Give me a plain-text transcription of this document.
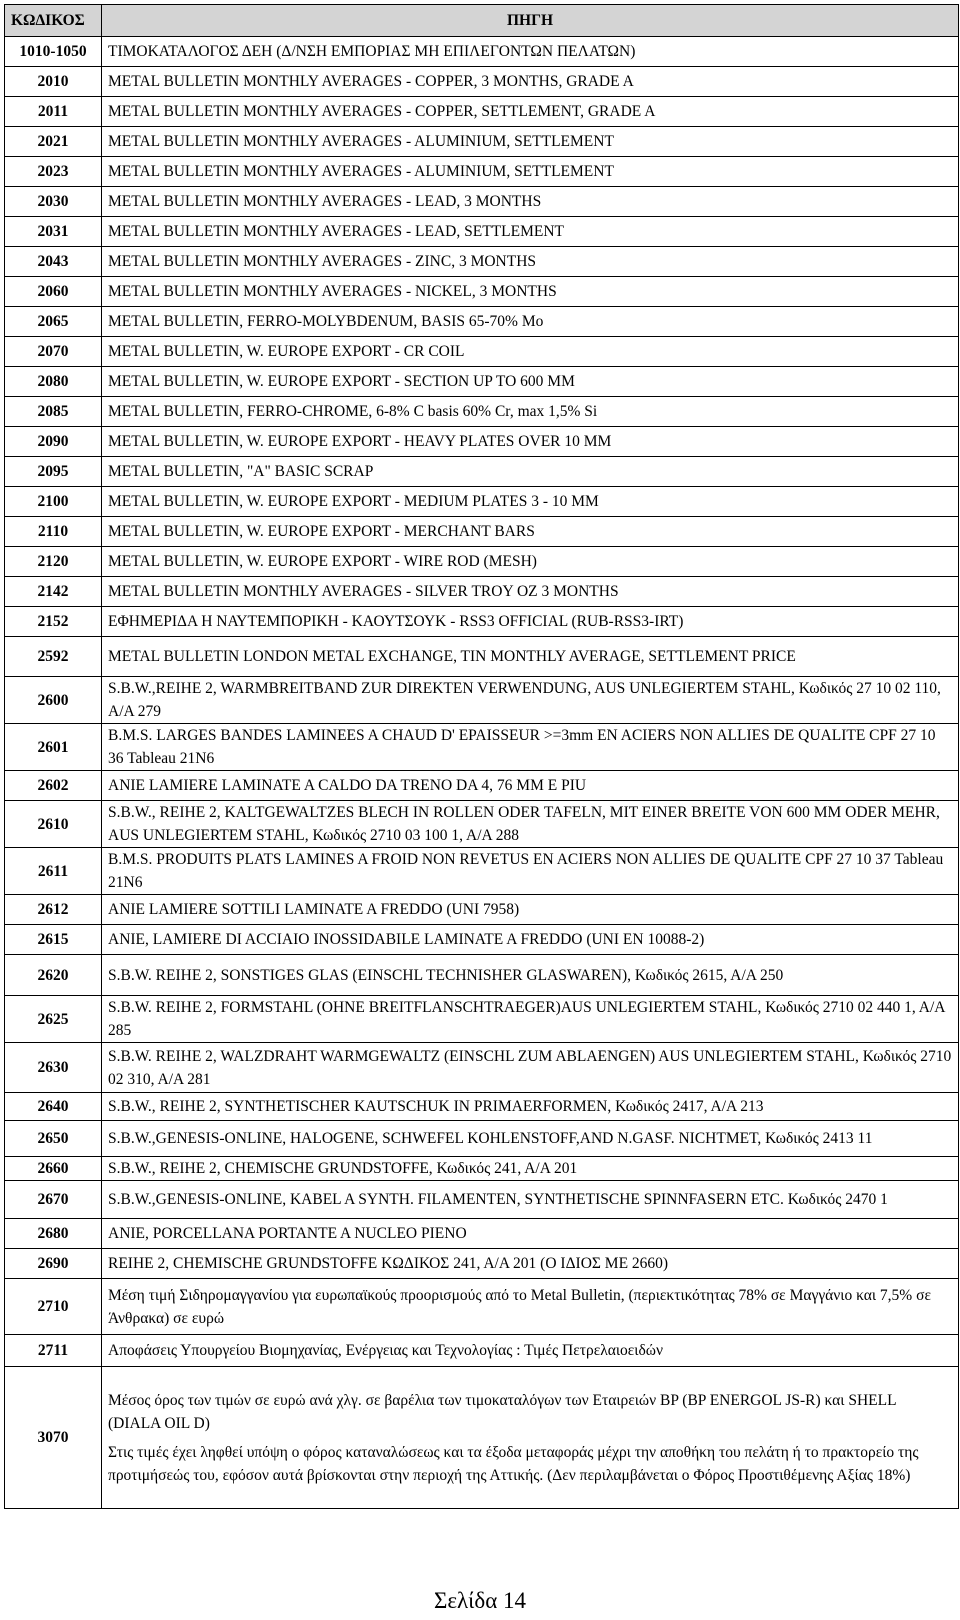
ΚΩΔΙΚΟΣ	ΠΗΓΗ
1010-1050	ΤΙΜΟΚΑΤΑΛΟΓΟΣ ΔΕΗ (Δ/ΝΣΗ ΕΜΠΟΡΙΑΣ ΜΗ ΕΠΙΛΕΓΟΝΤΩΝ ΠΕΛΑΤΩΝ)

2010	METAL BULLETIN MONTHLY AVERAGES - COPPER, 3 MONTHS, GRADE A

2011	METAL BULLETIN MONTHLY AVERAGES - COPPER, SETTLEMENT, GRADE A

2021	METAL BULLETIN MONTHLY AVERAGES - ALUMINIUM, SETTLEMENT

2023	METAL BULLETIN MONTHLY AVERAGES - ALUMINIUM, SETTLEMENT

2030	METAL BULLETIN MONTHLY AVERAGES - LEAD, 3 MONTHS

2031	METAL BULLETIN MONTHLY AVERAGES - LEAD, SETTLEMENT

2043	METAL BULLETIN MONTHLY AVERAGES - ZINC, 3 MONTHS

2060	METAL BULLETIN MONTHLY AVERAGES - NICKEL, 3 MONTHS

2065	METAL BULLETIN, FERRO-MOLYBDENUM, BASIS 65-70% Mo

2070	METAL BULLETIN, W. EUROPE EXPORT - CR COIL

2080	METAL BULLETIN, W. EUROPE EXPORT - SECTION UP TO 600 MM

2085	METAL BULLETIN, FERRO-CHROME, 6-8% C basis 60% Cr, max 1,5% Si

2090	METAL BULLETIN, W. EUROPE EXPORT - HEAVY PLATES OVER 10 MM

2095	METAL BULLETIN, "A" BASIC SCRAP

2100	METAL BULLETIN, W. EUROPE EXPORT - MEDIUM PLATES 3 - 10 MM

2110	METAL BULLETIN, W. EUROPE EXPORT - MERCHANT BARS

2120	METAL BULLETIN, W. EUROPE EXPORT - WIRE ROD (MESH)

2142	METAL BULLETIN MONTHLY AVERAGES - SILVER TROY OZ 3 MONTHS

2152	ΕΦΗΜΕΡΙΔΑ Η ΝΑΥΤΕΜΠΟΡΙΚΗ - ΚΑΟΥΤΣΟΥΚ - RSS3 OFFICIAL (RUB-RSS3-IRT)

2592	METAL BULLETIN LONDON METAL EXCHANGE, TIN MONTHLY AVERAGE, SETTLEMENT PRICE

2600	S.B.W.,REIHE 2, WARMBREITBAND ZUR DIREKTEN VERWENDUNG, AUS UNLEGIERTEM STAHL, Κωδικός 27 10 02 110, Α/Α 279

2601	B.M.S. LARGES BANDES LAMINEES A CHAUD D' EPAISSEUR >=3mm EN ACIERS NON ALLIES DE QUALITE CPF 27 10 36 Tableau 21N6

2602	ANIE LAMIERE LAMINATE A CALDO DA TRENO DA 4, 76 MM E PIU

2610	S.B.W., REIHE 2, KALTGEWALTZES BLECH IN ROLLEN ODER TAFELN, MIT EINER BREITE VON 600 MM ODER MEHR, AUS UNLEGIERTEM STAHL, Κωδικός 2710 03 100 1, Α/Α 288

2611	B.M.S. PRODUITS PLATS LAMINES A FROID NON REVETUS EN ACIERS NON ALLIES DE QUALITE CPF 27 10 37 Tableau 21N6

2612	ANIE LAMIERE SOTTILI LAMINATE A FREDDO (UNI 7958)

2615	ANIE, LAMIERE DI ACCIAIO INOSSIDABILE LAMINATE A FREDDO (UNI EN 10088-2)

2620	S.B.W. REIHE 2, SONSTIGES GLAS (EINSCHL TECHNISHER GLASWAREN), Κωδικός 2615, Α/Α 250

2625	S.B.W. REIHE 2, FORMSTAHL (OHNE BREITFLANSCHTRAEGER)AUS UNLEGIERTEM STAHL, Κωδικός 2710 02 440 1, Α/Α 285

2630	S.B.W. REIHE 2, WALZDRAHT WARMGEWALTZ (EINSCHL ZUM ABLAENGEN) AUS UNLEGIERTEM STAHL, Κωδικός 2710 02 310, Α/Α 281

2640	S.B.W., REIHE 2, SYNTHETISCHER KAUTSCHUK IN PRIMAERFORMEN, Κωδικός 2417, Α/Α 213

2650	S.B.W.,GENESIS-ONLINE, HALOGENE, SCHWEFEL KOHLENSTOFF,AND N.GASF. NICHTMET, Κωδικός 2413 11

2660	S.B.W., REIHE 2, CHEMISCHE GRUNDSTOFFE, Κωδικός 241, Α/Α 201

2670	S.B.W.,GENESIS-ONLINE, KABEL A SYNTH. FILAMENTEN, SYNTHETISCHE SPINNFASERN ETC. Κωδικός 2470 1

2680	ANIE, PORCELLANA PORTANTE A NUCLEO PIENO

2690	REIHE 2, CHEMISCHE GRUNDSTOFFE ΚΩΔΙΚΟΣ 241, Α/Α 201 (Ο ΙΔΙΟΣ ΜΕ 2660)

2710	Μέση τιμή Σιδηρομαγγανίου για ευρωπαϊκούς προορισμούς από το Metal Bulletin, (περιεκτικότητας 78% σε Μαγγάνιο και 7,5% σε Άνθρακα) σε ευρώ

2711	Αποφάσεις Υπουργείου Βιομηχανίας, Ενέργειας και Τεχνολογίας : Τιμές Πετρελαιοειδών

3070	Μέσος όρος των τιμών σε ευρώ ανά χλγ. σε βαρέλια των τιμοκαταλόγων των Εταιρειών BP (BP ENERGOL JS-R) και SHELL (DIALA OIL D)

Στις τιμές έχει ληφθεί υπόψη ο φόρος καταναλώσεως και τα έξοδα μεταφοράς μέχρι την αποθήκη του πελάτη ή το πρακτορείο της προτιμήσεώς του, εφόσον αυτά βρίσκονται στην περιοχή της Αττικής. (Δεν περιλαμβάνεται ο Φόρος Προστιθέμενης Αξίας 18%)

Σελίδα 14
